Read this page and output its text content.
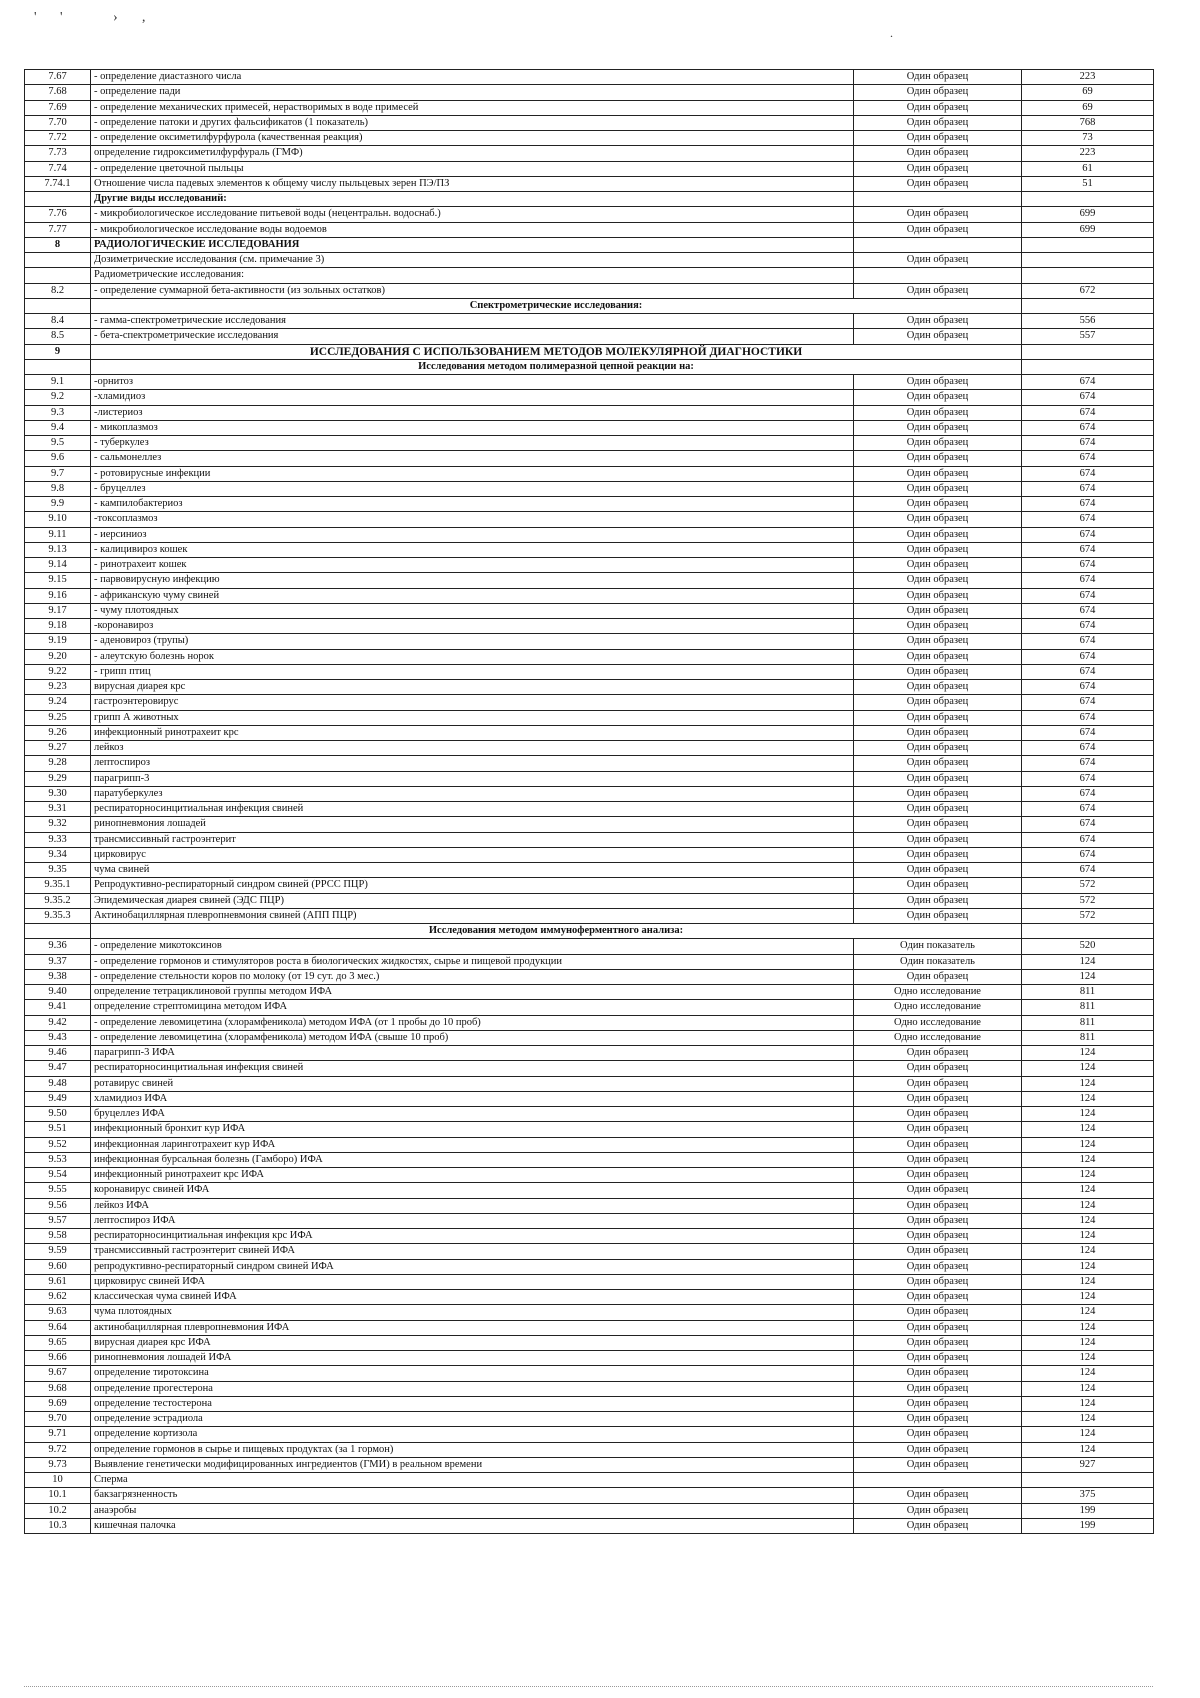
' '   › ‚
.
7.67	- определение диастазного числа	Один образец	223
7.68	- определение пади	Один образец	69
7.69	- определение механических примесей, нерастворимых в воде примесей	Один образец	69
7.70	- определение патоки и других фальсификатов (1 показатель)	Один образец	768
7.72	- определение оксиметилфурфурола (качественная реакция)	Один образец	73
7.73	определение гидроксиметилфурфураль (ГМФ)	Один образец	223
7.74	- определение цветочной пыльцы	Один образец	61
7.74.1	Отношение числа падевых элементов к общему числу пыльцевых зерен ПЭ/ПЗ	Один образец	51
	Другие виды исследований:		
7.76	- микробиологическое исследование питьевой воды (нецентральн. водоснаб.)	Один образец	699
7.77	- микробиологическое исследование воды водоемов	Один образец	699
8	РАДИОЛОГИЧЕСКИЕ ИССЛЕДОВАНИЯ		
	Дозиметрические исследования (см. примечание 3)	Один образец	
	Радиометрические исследования:		
8.2	- определение суммарной бета-активности (из зольных остатков)	Один образец	672
	Спектрометрические исследования:		
8.4	- гамма-спектрометрические исследования	Один образец	556
8.5	- бета-спектрометрические исследования	Один образец	557
9	ИССЛЕДОВАНИЯ С ИСПОЛЬЗОВАНИЕМ МЕТОДОВ МОЛЕКУЛЯРНОЙ ДИАГНОСТИКИ		
	Исследования методом полимеразной цепной реакции на:		
9.1	-орнитоз	Один образец	674
9.2	-хламидиоз	Один образец	674
9.3	-листериоз	Один образец	674
9.4	- микоплазмоз	Один образец	674
9.5	- туберкулез	Один образец	674
9.6	- сальмонеллез	Один образец	674
9.7	- ротовирусные инфекции	Один образец	674
9.8	- бруцеллез	Один образец	674
9.9	- кампилобактериоз	Один образец	674
9.10	-токсоплазмоз	Один образец	674
9.11	- иерсиниоз	Один образец	674
9.13	- калицивироз кошек	Один образец	674
9.14	- ринотрахеит кошек	Один образец	674
9.15	- парвовирусную инфекцию	Один образец	674
9.16	- африканскую чуму свиней	Один образец	674
9.17	- чуму плотоядных	Один образец	674
9.18	-коронавироз	Один образец	674
9.19	- аденовироз (трупы)	Один образец	674
9.20	- алеутскую болезнь норок	Один образец	674
9.22	- грипп птиц	Один образец	674
9.23	вирусная диарея крс	Один образец	674
9.24	гастроэнтеровирус	Один образец	674
9.25	грипп А животных	Один образец	674
9.26	инфекционный ринотрахеит крс	Один образец	674
9.27	лейкоз	Один образец	674
9.28	лептоспироз	Один образец	674
9.29	парагрипп-3	Один образец	674
9.30	паратуберкулез	Один образец	674
9.31	респираторносинцитиальная инфекция свиней	Один образец	674
9.32	ринопневмония лошадей	Один образец	674
9.33	трансмиссивный гастроэнтерит	Один образец	674
9.34	цирковирус	Один образец	674
9.35	чума свиней	Один образец	674
9.35.1	Репродуктивно-респираторный синдром свиней (РРСС ПЦР)	Один образец	572
9.35.2	Эпидемическая диарея свиней (ЭДС ПЦР)	Один образец	572
9.35.3	Актинобациллярная плевропневмония свиней (АПП ПЦР)	Один образец	572
	Исследования методом иммуноферментного анализа:		
9.36	- определение микотоксинов	Один показатель	520
9.37	- определение гормонов и стимуляторов роста в биологических жидкостях, сырье и пищевой продукции	Один показатель	124
9.38	- определение стельности коров по молоку (от 19 сут. до 3 мес.)	Один образец	124
9.40	определение тетрациклиновой группы методом ИФА	Одно исследование	811
9.41	определение стрептомицина методом ИФА	Одно исследование	811
9.42	- определение левомицетина (хлорамфеникола) методом ИФА (от 1 пробы до 10 проб)	Одно исследование	811
9.43	- определение левомицетина (хлорамфеникола) методом ИФА (свыше 10 проб)	Одно исследование	811
9.46	парагрипп-3 ИФА	Один образец	124
9.47	респираторносинцитиальная инфекция свиней	Один образец	124
9.48	ротавирус свиней	Один образец	124
9.49	хламидиоз ИФА	Один образец	124
9.50	бруцеллез ИФА	Один образец	124
9.51	инфекционный бронхит кур ИФА	Один образец	124
9.52	инфекционная ларинготрахеит кур ИФА	Один образец	124
9.53	инфекционная бурсальная болезнь (Гамборо) ИФА	Один образец	124
9.54	инфекционный ринотрахеит крс ИФА	Один образец	124
9.55	коронавирус свиней ИФА	Один образец	124
9.56	лейкоз ИФА	Один образец	124
9.57	лептоспироз ИФА	Один образец	124
9.58	респираторносинцитиальная инфекция крс ИФА	Один образец	124
9.59	трансмиссивный гастроэнтерит свиней ИФА	Один образец	124
9.60	репродуктивно-респираторный синдром свиней ИФА	Один образец	124
9.61	цирковирус свиней ИФА	Один образец	124
9.62	классическая чума свиней ИФА	Один образец	124
9.63	чума плотоядных	Один образец	124
9.64	актинобациллярная плевропневмония ИФА	Один образец	124
9.65	вирусная диарея крс ИФА	Один образец	124
9.66	ринопневмония лошадей ИФА	Один образец	124
9.67	определение тиротоксина	Один образец	124
9.68	определение прогестерона	Один образец	124
9.69	определение тестостерона	Один образец	124
9.70	определение эстрадиола	Один образец	124
9.71	определение кортизола	Один образец	124
9.72	определение гормонов в сырье и пищевых продуктах (за 1 гормон)	Один образец	124
9.73	Выявление генетически модифицированных ингредиентов (ГМИ) в реальном времени	Один образец	927
10	Сперма		
10.1	бакзагрязненность	Один образец	375
10.2	анаэробы	Один образец	199
10.3	кишечная палочка	Один образец	199
